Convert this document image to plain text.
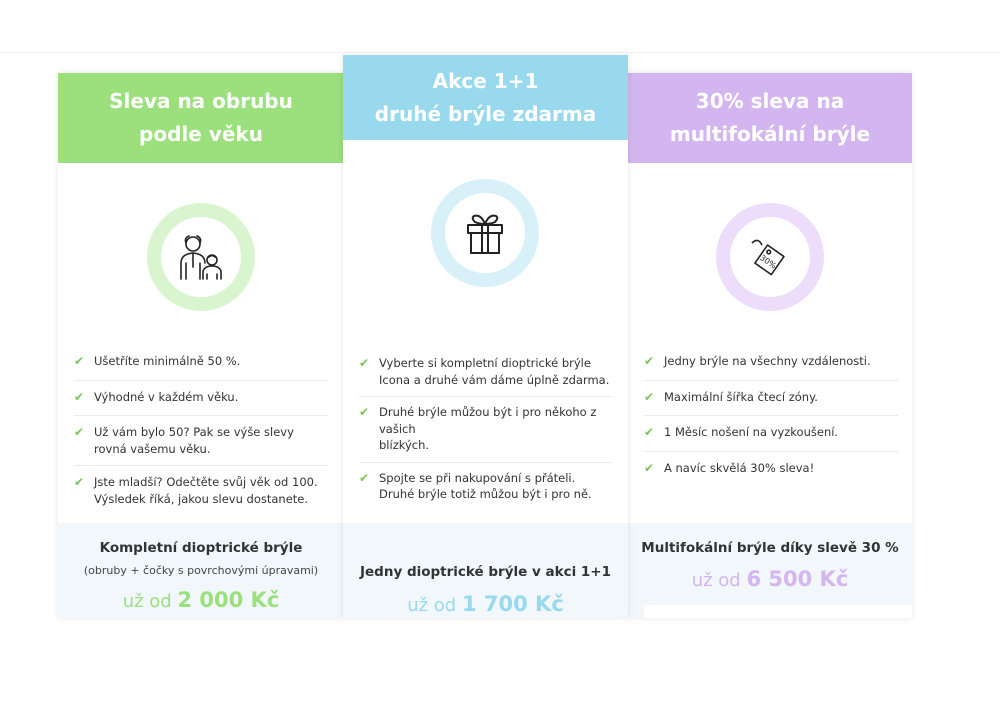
Sleva na obrubu
podle věku
✔ Ušetříte minimálně 50 %.
✔ Výhodné v každém věku.
✔ Už vám bylo 50? Pak se výše slevy
rovná vašemu věku.
✔ Jste mladší? Odečtěte svůj věk od 100.
Výsledek říká, jakou slevu dostanete.
Kompletní dioptrické brýle
(obruby + čočky s povrchovými úpravami)
už od 2 000 Kč
Akce 1+1
druhé brýle zdarma
✔ Vyberte si kompletní dioptrické brýle
Icona a druhé vám dáme úplně zdarma.
✔ Druhé brýle můžou být i pro někoho z vašich
blízkých.
✔ Spojte se při nakupování s přáteli.
Druhé brýle totiž můžou být i pro ně.
Jedny dioptrické brýle v akci 1+1
už od 1 700 Kč
30% sleva na
multifokální brýle
30%
✔ Jedny brýle na všechny vzdálenosti.
✔ Maximální šířka čtecí zóny.
✔ 1 Měsíc nošení na vyzkoušení.
✔ A navíc skvělá 30% sleva!
Multifokální brýle díky slevě 30 %
už od 6 500 Kč
